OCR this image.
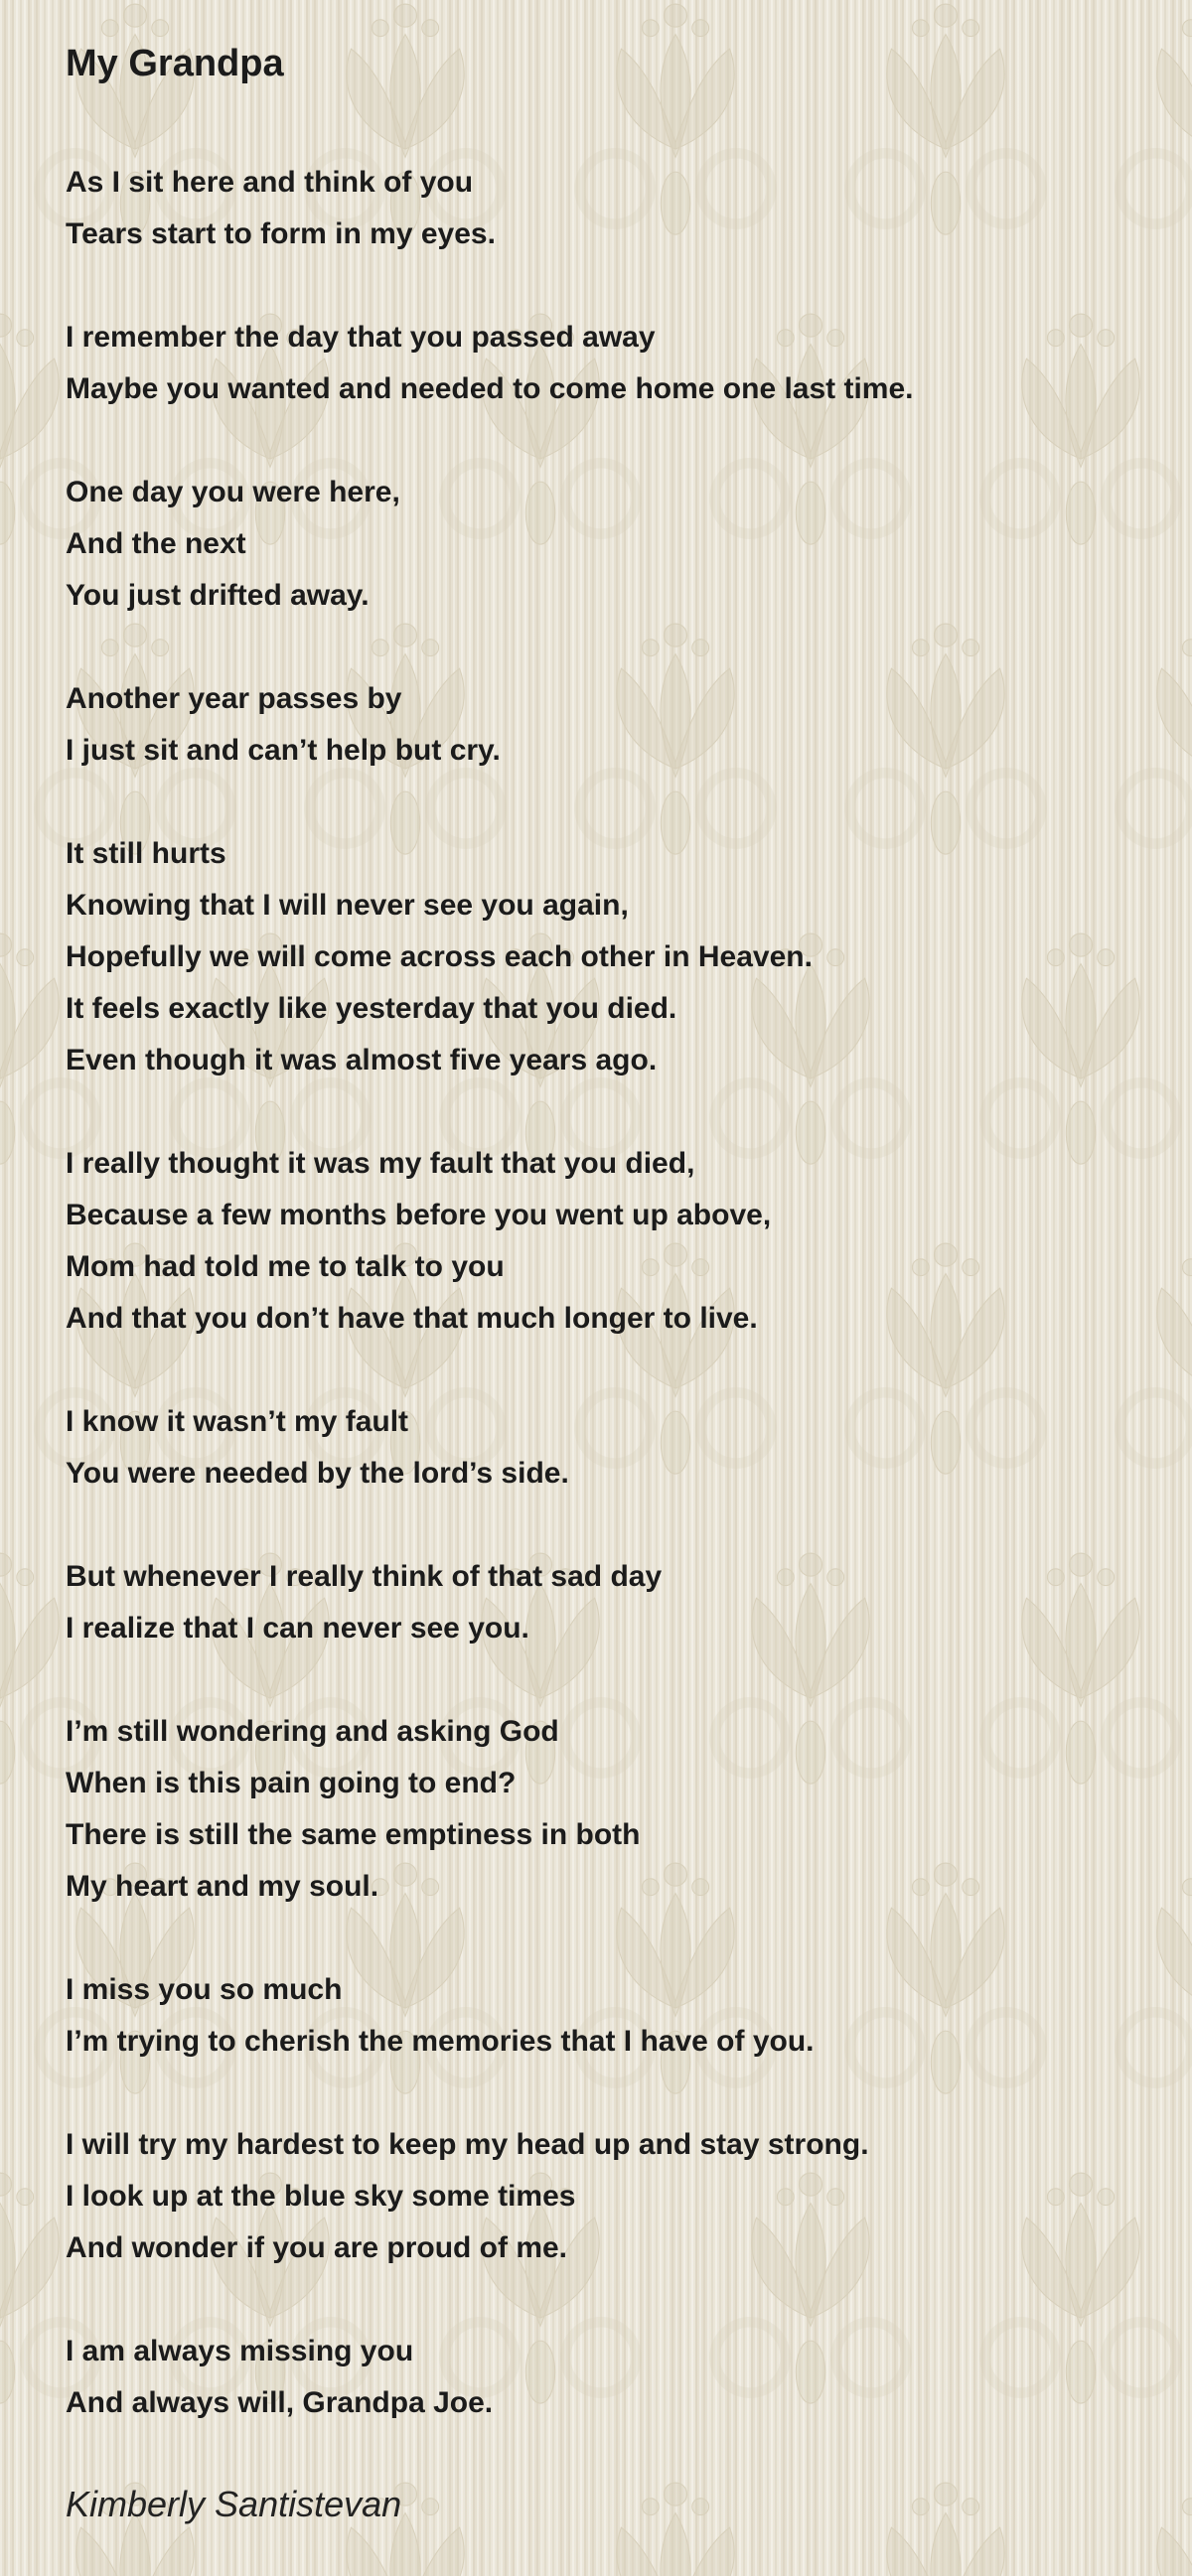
My Grandpa

As I sit here and think of you

Tears start to form in my eyes.

I remember the day that you passed away

Maybe you wanted and needed to come home one last time.

One day you were here,

And the next

You just drifted away.

Another year passes by

I just sit and can’t help but cry.

It still hurts

Knowing that I will never see you again,

Hopefully we will come across each other in Heaven.

It feels exactly like yesterday that you died.

Even though it was almost five years ago.

I really thought it was my fault that you died,

Because a few months before you went up above,

Mom had told me to talk to you

And that you don’t have that much longer to live.

I know it wasn’t my fault

You were needed by the lord’s side.

But whenever I really think of that sad day

I realize that I can never see you.

I’m still wondering and asking God

When is this pain going to end?

There is still the same emptiness in both

My heart and my soul.

I miss you so much

I’m trying to cherish the memories that I have of you.

I will try my hardest to keep my head up and stay strong.

I look up at the blue sky some times

And wonder if you are proud of me.

I am always missing you

And always will, Grandpa Joe.

Kimberly Santistevan
